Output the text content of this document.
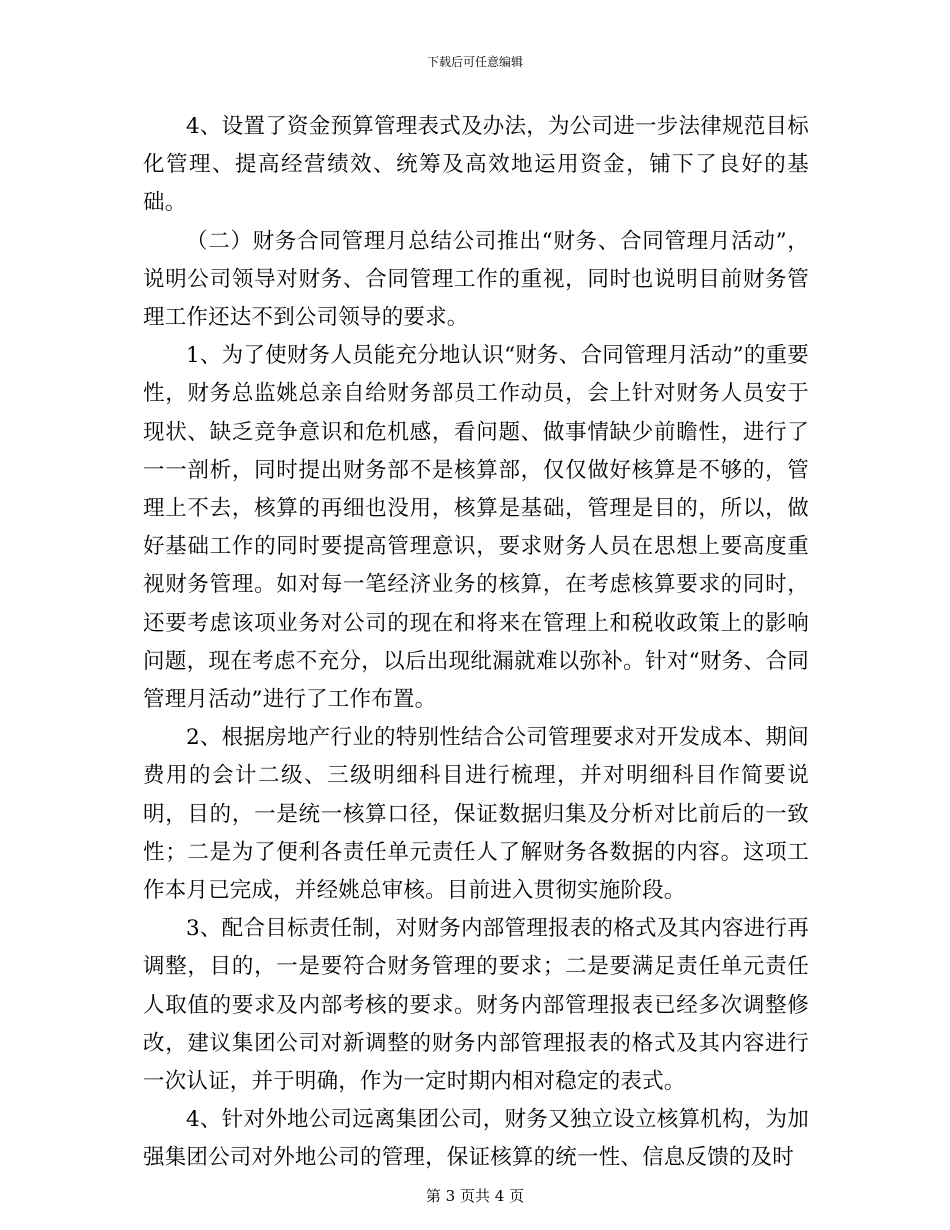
下载后可任意编辑

4、设置了资金预算管理表式及办法，为公司进一步法律规范目标化管理、提高经营绩效、统筹及高效地运用资金，铺下了良好的基础。

（二）财务合同管理月总结公司推出“财务、合同管理月活动”，说明公司领导对财务、合同管理工作的重视，同时也说明目前财务管理工作还达不到公司领导的要求。

1、为了使财务人员能充分地认识“财务、合同管理月活动”的重要性，财务总监姚总亲自给财务部员工作动员，会上针对财务人员安于现状、缺乏竞争意识和危机感，看问题、做事情缺少前瞻性，进行了一一剖析，同时提出财务部不是核算部，仅仅做好核算是不够的，管理上不去，核算的再细也没用，核算是基础，管理是目的，所以，做好基础工作的同时要提高管理意识，要求财务人员在思想上要高度重视财务管理。如对每一笔经济业务的核算，在考虑核算要求的同时，还要考虑该项业务对公司的现在和将来在管理上和税收政策上的影响问题，现在考虑不充分，以后出现纰漏就难以弥补。针对“财务、合同管理月活动”进行了工作布置。

2、根据房地产行业的特别性结合公司管理要求对开发成本、期间费用的会计二级、三级明细科目进行梳理，并对明细科目作简要说明，目的，一是统一核算口径，保证数据归集及分析对比前后的一致性；二是为了便利各责任单元责任人了解财务各数据的内容。这项工作本月已完成，并经姚总审核。目前进入贯彻实施阶段。

3、配合目标责任制，对财务内部管理报表的格式及其内容进行再调整，目的，一是要符合财务管理的要求；二是要满足责任单元责任人取值的要求及内部考核的要求。财务内部管理报表已经多次调整修改，建议集团公司对新调整的财务内部管理报表的格式及其内容进行一次认证，并于明确，作为一定时期内相对稳定的表式。

4、针对外地公司远离集团公司，财务又独立设立核算机构，为加强集团公司对外地公司的管理，保证核算的统一性、信息反馈的及时

第 3 页共 4 页
